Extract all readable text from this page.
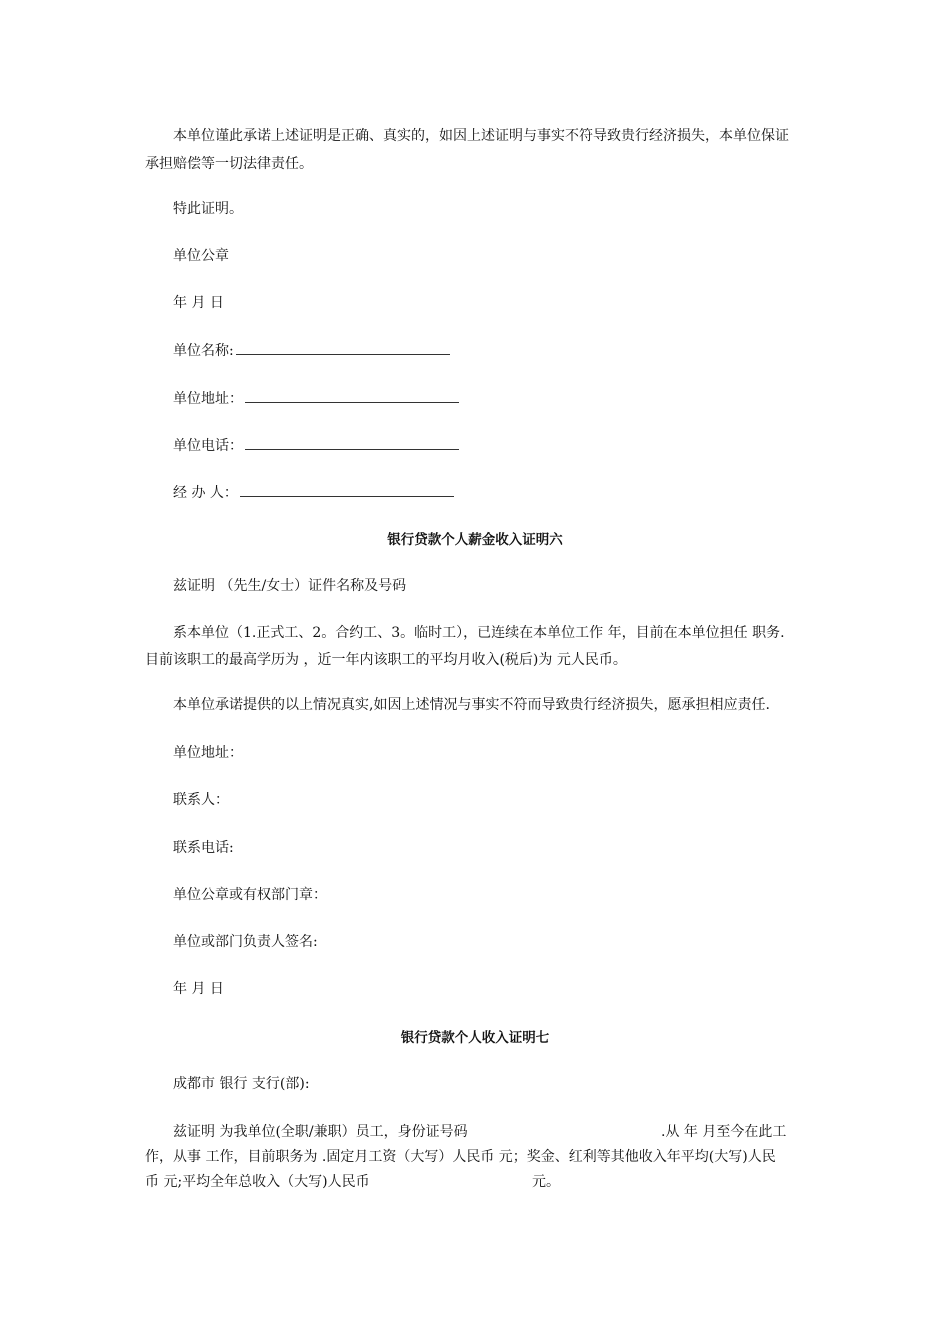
本单位谨此承诺上述证明是正确、真实的，如因上述证明与事实不符导致贵行经济损失，本单位保证
承担赔偿等一切法律责任。
特此证明。
单位公章
年 月 日
单位名称:
单位地址：
单位电话：
经 办 人：
银行贷款个人薪金收入证明六
兹证明 （先生/女士）证件名称及号码
系本单位（1.正式工、2。合约工、3。临时工），已连续在本单位工作 年，目前在本单位担任 职务.
目前该职工的最高学历为 ，近一年内该职工的平均月收入(税后)为 元人民币。
本单位承诺提供的以上情况真实,如因上述情况与事实不符而导致贵行经济损失，愿承担相应责任.
单位地址：
联系人：
联系电话:
单位公章或有权部门章：
单位或部门负责人签名:
年 月 日
银行贷款个人收入证明七
成都市 银行 支行(部):
兹证明 为我单位(全职/兼职）员工，身份证号码	.从 年 月至今在此工
作，从事 工作，目前职务为 .固定月工资（大写）人民币 元；奖金、红利等其他收入年平均(大写)人民
币 元;平均全年总收入（大写)人民币	元。
